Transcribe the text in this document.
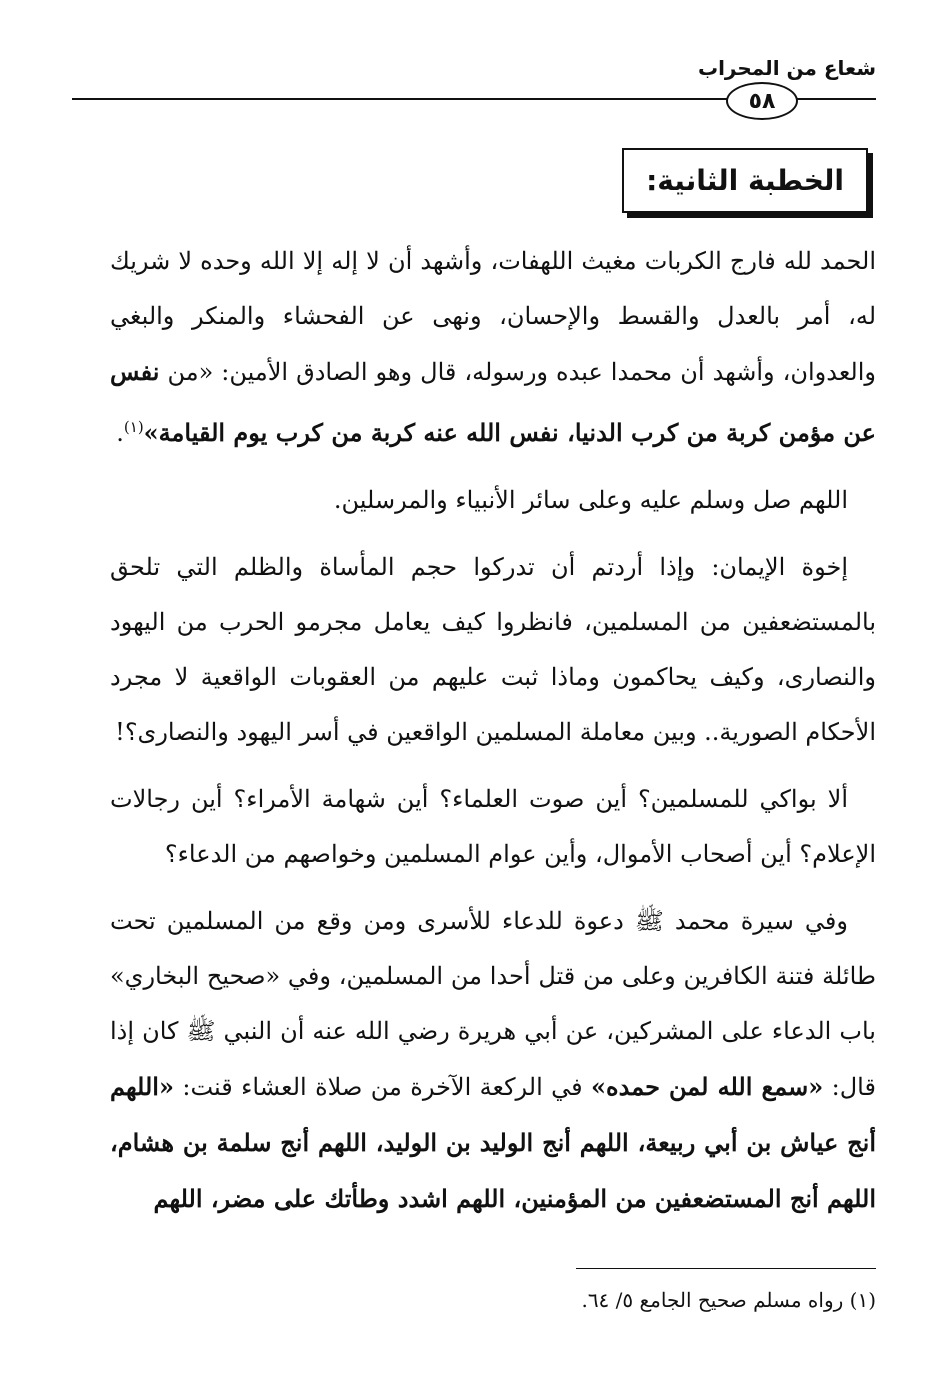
شعاع من المحراب
٥٨
الخطبة الثانية:

الحمد لله فارج الكربات مغيث اللهفات، وأشهد أن لا إله إلا الله وحده لا شريك له، أمر بالعدل والقسط والإحسان، ونهى عن الفحشاء والمنكر والبغي والعدوان، وأشهد أن محمدا عبده ورسوله، قال وهو الصادق الأمين: «من نفس عن مؤمن كربة من كرب الدنيا، نفس الله عنه كربة من كرب يوم القيامة»$^{(١)}$.

اللهم صل وسلم عليه وعلى سائر الأنبياء والمرسلين.

إخوة الإيمان: وإذا أردتم أن تدركوا حجم المأساة والظلم التي تلحق بالمستضعفين من المسلمين، فانظروا كيف يعامل مجرمو الحرب من اليهود والنصارى، وكيف يحاكمون وماذا ثبت عليهم من العقوبات الواقعية لا مجرد الأحكام الصورية.. وبين معاملة المسلمين الواقعين في أسر اليهود والنصارى؟!

ألا بواكي للمسلمين؟ أين صوت العلماء؟ أين شهامة الأمراء؟ أين رجالات الإعلام؟ أين أصحاب الأموال، وأين عوام المسلمين وخواصهم من الدعاء؟

وفي سيرة محمد ﷺ دعوة للدعاء للأسرى ومن وقع من المسلمين تحت طائلة فتنة الكافرين وعلى من قتل أحدا من المسلمين، وفي «صحيح البخاري» باب الدعاء على المشركين، عن أبي هريرة رضي الله عنه أن النبي ﷺ كان إذا قال: «سمع الله لمن حمده» في الركعة الآخرة من صلاة العشاء قنت: «اللهم أنج عياش بن أبي ربيعة، اللهم أنج الوليد بن الوليد، اللهم أنج سلمة بن هشام، اللهم أنج المستضعفين من المؤمنين، اللهم اشدد وطأتك على مضر، اللهم

(١) رواه مسلم صحيح الجامع ٥/ ٦٤.
